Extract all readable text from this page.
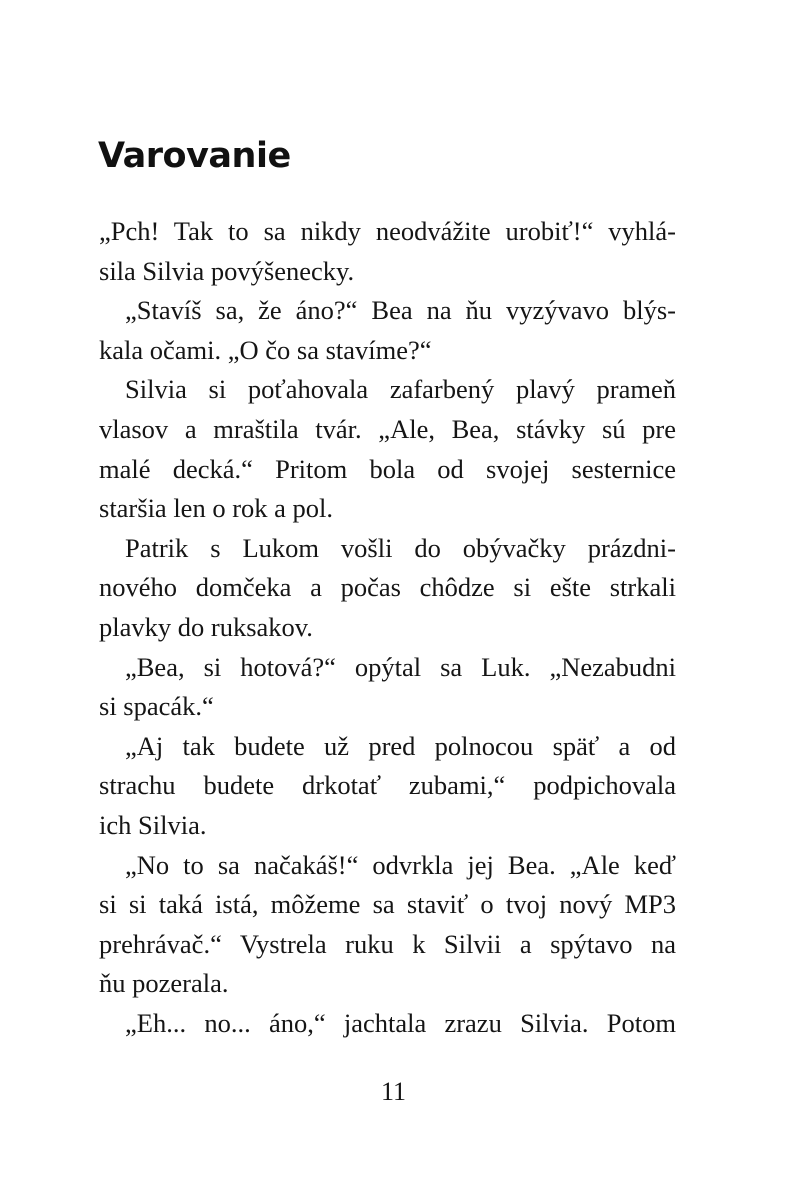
Varovanie
„Pch! Tak to sa nikdy neodvážite urobiť!“ vyhlá-
sila Silvia povýšenecky.
„Stavíš sa, že áno?“ Bea na ňu vyzývavo blýs-
kala očami. „O čo sa stavíme?“
Silvia si poťahovala zafarbený plavý prameň
vlasov a mraštila tvár. „Ale, Bea, stávky sú pre
malé decká.“ Pritom bola od svojej sesternice
staršia len o rok a pol.
Patrik s Lukom vošli do obývačky prázdni-
nového domčeka a počas chôdze si ešte strkali
plavky do ruksakov.
„Bea, si hotová?“ opýtal sa Luk. „Nezabudni
si spacák.“
„Aj tak budete už pred polnocou späť a od
strachu budete drkotať zubami,“ podpichovala
ich Silvia.
„No to sa načakáš!“ odvrkla jej Bea. „Ale keď
si si taká istá, môžeme sa staviť o tvoj nový MP3
prehrávač.“ Vystrela ruku k Silvii a spýtavo na
ňu pozerala.
„Eh... no... áno,“ jachtala zrazu Silvia. Potom
11
